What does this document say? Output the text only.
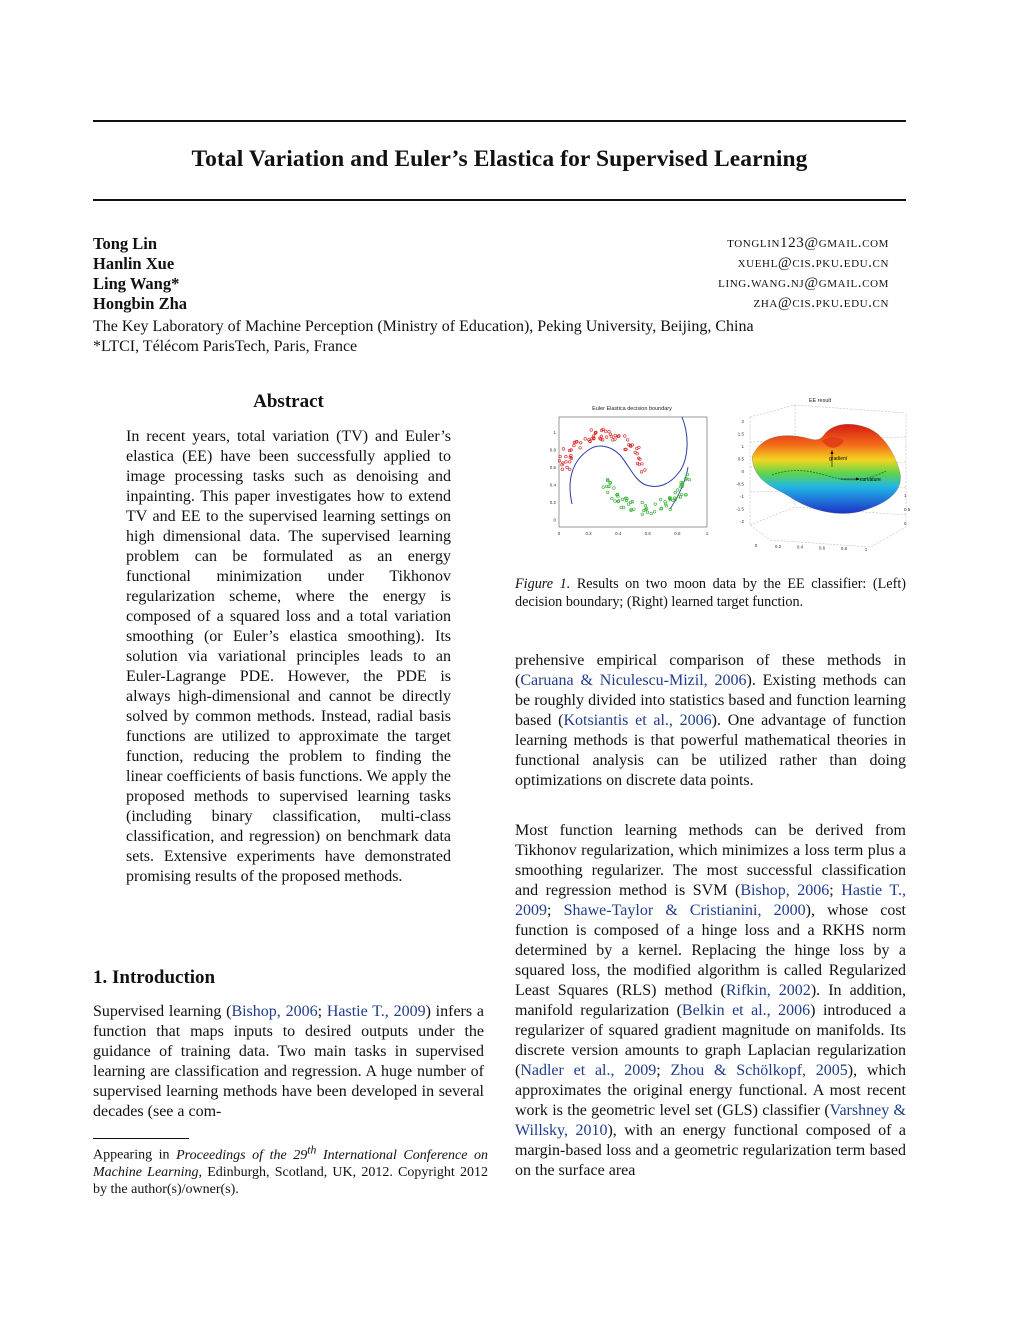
Total Variation and Euler’s Elastica for Supervised Learning
Tong Lin	tonglin123@gmail.com
Hanlin Xue	xuehl@cis.pku.edu.cn
Ling Wang*	ling.wang.nj@gmail.com
Hongbin Zha	zha@cis.pku.edu.cn
The Key Laboratory of Machine Perception (Ministry of Education), Peking University, Beijing, China
*LTCI, Télécom ParisTech, Paris, France
Abstract
In recent years, total variation (TV) and Euler’s elastica (EE) have been successfully applied to image processing tasks such as denoising and inpainting. This paper investigates how to extend TV and EE to the supervised learning settings on high dimensional data. The supervised learning problem can be formulated as an energy functional minimization under Tikhonov regularization scheme, where the energy is composed of a squared loss and a total variation smoothing (or Euler’s elastica smoothing). Its solution via variational principles leads to an Euler-Lagrange PDE. However, the PDE is always high-dimensional and cannot be directly solved by common methods. Instead, radial basis functions are utilized to approximate the target function, reducing the problem to finding the linear coefficients of basis functions. We apply the proposed methods to supervised learning tasks (including binary classification, multi-class classification, and regression) on benchmark data sets. Extensive experiments have demonstrated promising results of the proposed methods.
1. Introduction
Supervised learning (Bishop, 2006; Hastie T., 2009) infers a function that maps inputs to desired outputs under the guidance of training data. Two main tasks in supervised learning are classification and regression. A huge number of supervised learning methods have been developed in several decades (see a com-
Appearing in Proceedings of the 29th International Conference on Machine Learning, Edinburgh, Scotland, UK, 2012. Copyright 2012 by the author(s)/owner(s).
Euler Elastica decision boundary
1
0.8
0.6
0.4
0.2
0
0	0.2	0.4	0.6	0.8	1
EE result
gradient
curvature
2
1.5
1
0.5
0
-0.5
-1
-1.5
-2
0	0.2	0.4	0.6	0.8	1
1
0.5
0
Figure 1. Results on two moon data by the EE classifier: (Left) decision boundary; (Right) learned target function.
prehensive empirical comparison of these methods in (Caruana & Niculescu-Mizil, 2006). Existing methods can be roughly divided into statistics based and function learning based (Kotsiantis et al., 2006). One advantage of function learning methods is that powerful mathematical theories in functional analysis can be utilized rather than doing optimizations on discrete data points.
Most function learning methods can be derived from Tikhonov regularization, which minimizes a loss term plus a smoothing regularizer. The most successful classification and regression method is SVM (Bishop, 2006; Hastie T., 2009; Shawe-Taylor & Cristianini, 2000), whose cost function is composed of a hinge loss and a RKHS norm determined by a kernel. Replacing the hinge loss by a squared loss, the modified algorithm is called Regularized Least Squares (RLS) method (Rifkin, 2002). In addition, manifold regularization (Belkin et al., 2006) introduced a regularizer of squared gradient magnitude on manifolds. Its discrete version amounts to graph Laplacian regularization (Nadler et al., 2009; Zhou & Schölkopf, 2005), which approximates the original energy functional. A most recent work is the geometric level set (GLS) classifier (Varshney & Willsky, 2010), with an energy functional composed of a margin-based loss and a geometric regularization term based on the surface area
